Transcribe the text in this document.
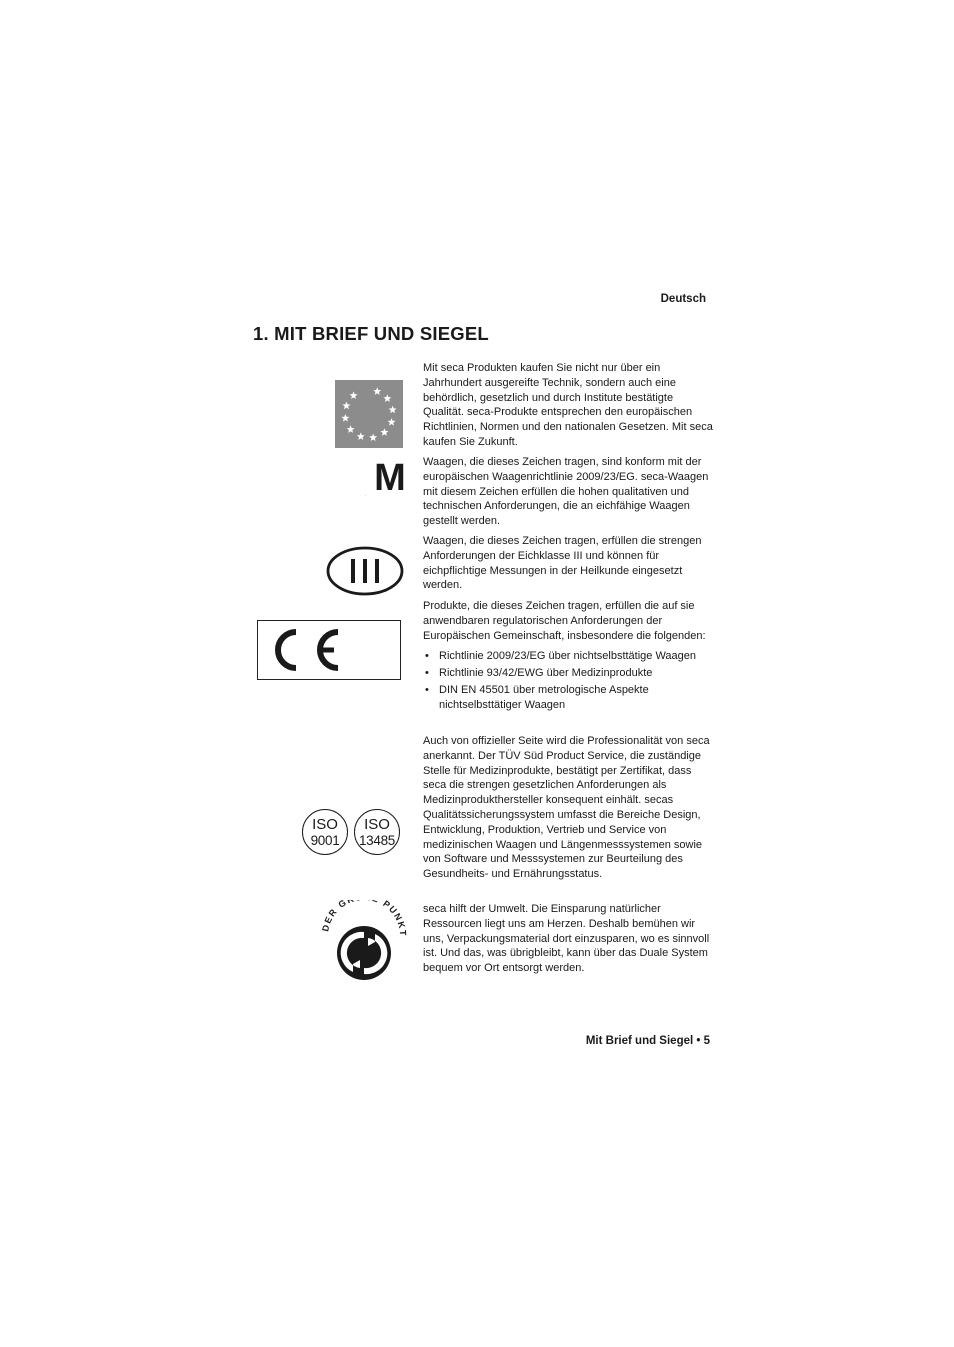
Deutsch
1. MIT BRIEF UND SIEGEL
M
III
ISO
9001
ISO
13485
DER G PUNKT

Mit seca Produkten kaufen Sie nicht nur über ein Jahrhundert ausgereifte Technik, sondern auch eine behördlich, gesetzlich und durch Institute bestätigte Qualität. seca-Produkte entsprechen den europäischen Richtlinien, Normen und den nationalen Gesetzen. Mit seca kaufen Sie Zukunft.

Waagen, die dieses Zeichen tragen, sind konform mit der europäischen Waagenrichtlinie 2009/23/EG. seca-Waagen mit diesem Zeichen erfüllen die hohen qualitativen und technischen Anforderungen, die an eichfähige Waagen gestellt werden.

Waagen, die dieses Zeichen tragen, erfüllen die strengen Anforderungen der Eichklasse III und können für eichpflichtige Messungen in der Heilkunde eingesetzt werden.

Produkte, die dieses Zeichen tragen, erfüllen die auf sie anwendbaren regulatorischen Anforderungen der Europäischen Gemeinschaft, insbesondere die folgenden:

• Richtlinie 2009/23/EG über nichtselbsttätige Waagen
• Richtlinie 93/42/EWG über Medizinprodukte
• DIN EN 45501 über metrologische Aspekte nichtselbsttätiger Waagen

Auch von offizieller Seite wird die Professionalität von seca anerkannt. Der TÜV Süd Product Service, die zuständige Stelle für Medizinprodukte, bestätigt per Zertifikat, dass seca die strengen gesetzlichen Anforderungen als Medizinprodukthersteller konsequent einhält. secas Qualitätssicherungssystem umfasst die Bereiche Design, Entwicklung, Produktion, Vertrieb und Service von medizinischen Waagen und Längenmesssystemen sowie von Software und Messsystemen zur Beurteilung des Gesundheits- und Ernährungsstatus.

seca hilft der Umwelt. Die Einsparung natürlicher Ressourcen liegt uns am Herzen. Deshalb bemühen wir uns, Verpackungsmaterial dort einzusparen, wo es sinnvoll ist. Und das, was übrigbleibt, kann über das Duale System bequem vor Ort entsorgt werden.

Mit Brief und Siegel • 5
